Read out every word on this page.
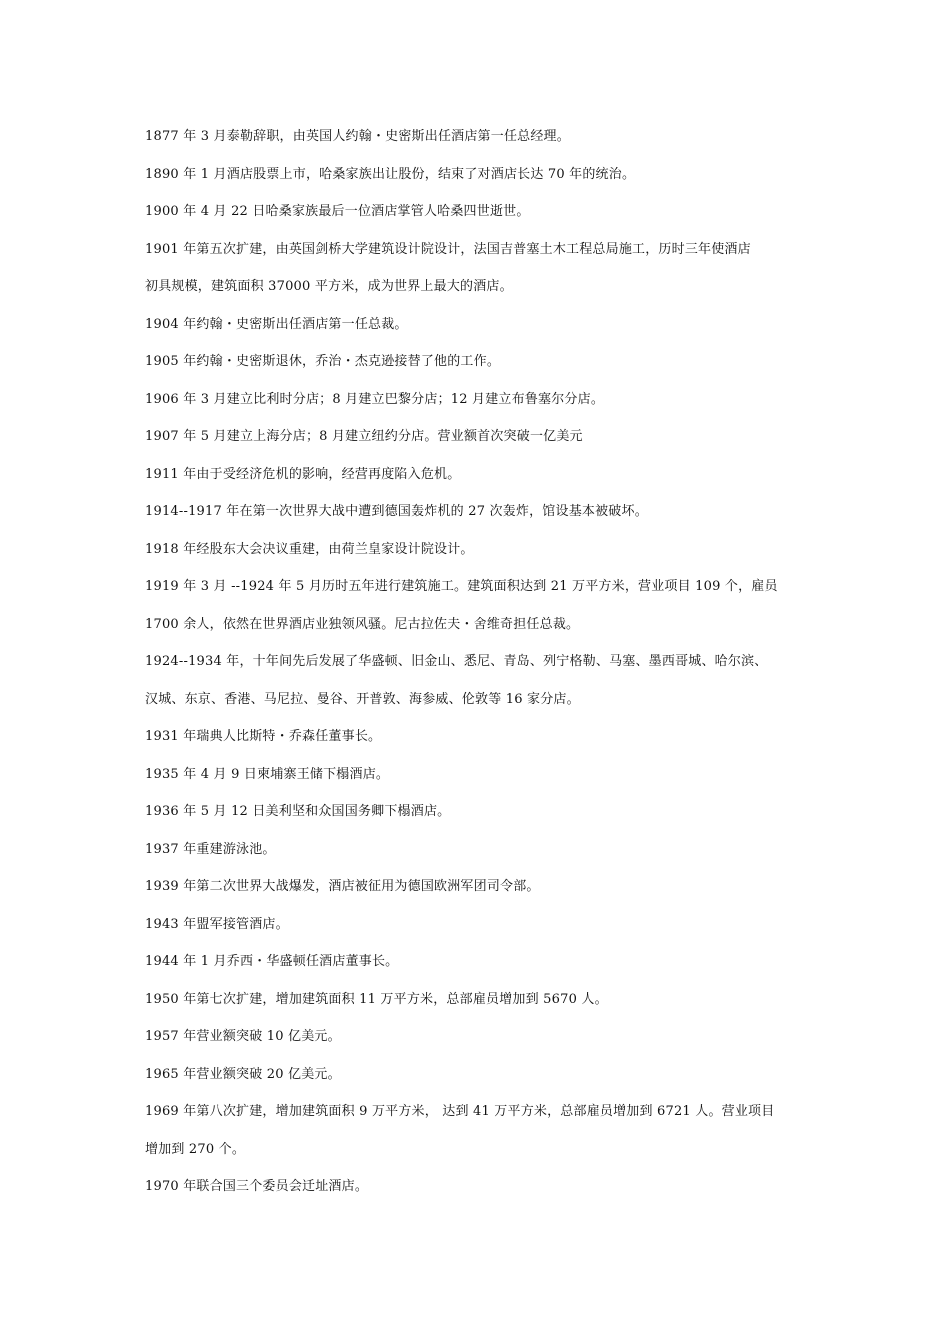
1877 年 3 月泰勒辞职，由英国人约翰・史密斯出任酒店第一任总经理。
1890 年 1 月酒店股票上市，哈桑家族出让股份，结束了对酒店长达 70 年的统治。
1900 年 4 月 22 日哈桑家族最后一位酒店掌管人哈桑四世逝世。
1901 年第五次扩建，由英国剑桥大学建筑设计院设计，法国吉普塞土木工程总局施工，历时三年使酒店
初具规模，建筑面积 37000 平方米，成为世界上最大的酒店。
1904 年约翰・史密斯出任酒店第一任总裁。
1905 年约翰・史密斯退休，乔治・杰克逊接替了他的工作。
1906 年 3 月建立比利时分店；8 月建立巴黎分店；12 月建立布鲁塞尔分店。
1907 年 5 月建立上海分店；8 月建立纽约分店。营业额首次突破一亿美元
1911 年由于受经济危机的影响，经营再度陷入危机。
1914--1917 年在第一次世界大战中遭到德国轰炸机的 27 次轰炸，馆设基本被破坏。
1918 年经股东大会决议重建，由荷兰皇家设计院设计。
1919 年 3 月 --1924 年 5 月历时五年进行建筑施工。建筑面积达到 21 万平方米，营业项目 109 个，雇员
1700 余人，依然在世界酒店业独领风骚。尼古拉佐夫・舍维奇担任总裁。
1924--1934 年，十年间先后发展了华盛顿、旧金山、悉尼、青岛、列宁格勒、马塞、墨西哥城、哈尔滨、
汉城、东京、香港、马尼拉、曼谷、开普敦、海参威、伦敦等 16 家分店。
1931 年瑞典人比斯特・乔森任董事长。
1935 年 4 月 9 日柬埔寨王储下榻酒店。
1936 年 5 月 12 日美利坚和众国国务卿下榻酒店。
1937 年重建游泳池。
1939 年第二次世界大战爆发，酒店被征用为德国欧洲军团司令部。
1943 年盟军接管酒店。
1944 年 1 月乔西・华盛顿任酒店董事长。
1950 年第七次扩建，增加建筑面积 11 万平方米，总部雇员增加到 5670 人。
1957 年营业额突破 10 亿美元。
1965 年营业额突破 20 亿美元。
1969 年第八次扩建，增加建筑面积 9 万平方米， 达到 41 万平方米，总部雇员增加到 6721 人。营业项目
增加到 270 个。
1970 年联合国三个委员会迁址酒店。
